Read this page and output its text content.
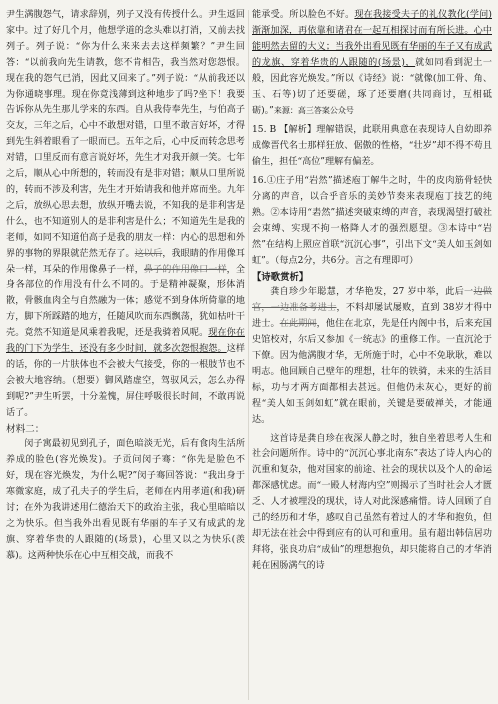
尹生满腹怨气，请求辞别，列子又没有传授什么。尹生返回家中。过了好几个月，他想学道的念头难以打消，又前去找列子。列子说：“你为什么来来去去这样频繁？”尹生回答：“以前我向先生请教，您不肯相告，我当然对您怨恨。现在我的怨气已消，因此又回来了。”列子说：“从前我还以为你通晓事理。现在你竟浅薄到这种地步了吗?坐下！我要告诉你从先生那儿学来的东西。自从我侍奉先生，与伯高子交友，三年之后，心中不敢想对错，口里不敢言好坏，才得到先生斜着眼看了一眼而已。五年之后，心中反而转念思考对错，口里反而有意言说好坏，先生才对我开颜一笑。七年之后，顺从心中所想的，转而没有是非对错；顺从口里所说的，转而不涉及利害，先生才开始请我和他并席而坐。九年之后，放纵心思去想，放纵开嘴去说，不知我的是非利害是什么，也不知道别人的是非利害是什么；不知道先生是我的老师，如同不知道伯高子是我的朋友一样：内心的思想和外界的事物的界限就茫然无存了。这以后，我眼睛的作用像耳朵一样，耳朵的作用像鼻子一样，鼻子的作用像口一样，全身各部位的作用没有什么不同的。于是精神凝聚，形体消散，骨骸血肉全与自然融为一体；感觉不到身体所倚靠的地方，脚下所踩踏的地方，任随风吹而东西飘荡，犹如枯叶干壳。竟然不知道是风乘着我呢，还是我骑着风呢。现在你在我的门下为学生，还没有多少时间，就多次怨恨抱怨。这样的话，你的一片肤体也不会被大气接受，你的一根肢节也不会被大地容纳。（想要）御风踏虚空，驾驭风云，怎么办得到呢?”尹生听罢，十分羞愧，屏住呼吸很长时间，不敢再说话了。

材料二：

闵子寓最初见到孔子，面色暗淡无光，后有食肉生活所养成的脸色(容光焕发)。子贡问闵子骞：“你先是脸色不好，现在容光焕发，为什么呢?”闵子骞回答说：“我出身于寒微家庭，成了孔夫子的学生后，老师在内用孝道(和我)研讨；在外为我讲述用仁德治天下的政治主张，我心里暗暗以之为快乐。但当我外出看见既有华丽的车子又有成武的龙旗、穿着华贵的人跟随的(场景)，心里又以之为快乐(羡慕)。这两种快乐在心中互相交战，而我不

能承受。所以脸色不好。现在我接受夫子的礼仪教化(学问)渐渐加深，再依靠和诸君在一起互相探讨而有所长进。心中能明然去留的大义；当我外出看见既有华丽的车子又有成武的龙旗、穿着华贵的人跟随的(场景)，就如同看到泥土一般，因此容光焕发。”所以《诗经》说：“就像(加工骨、角、玉、石等)切了还要磋，琢了还要磨(共同商讨，互相砥砺)。”来源：高三答案公众号

15. B 【解析】理解错误，此联用典意在表现诗人自幼即养成像晋代名士那样狂放、倨傲的性格，“壮岁”却不得不苟且偷生，担任“高位”理解有偏差。

16.①庄子用“岩然”描述庖丁解牛之时，牛的皮肉筋骨轻快分离的声音，以合乎音乐的美妙节奏来表现庖丁技艺的纯熟。②本诗用“砉然”描述突破束缚的声音，表现渴望打破社会束缚、实现不拘一格降人才的强烈愿望。③本诗中“岩然”在结构上照应首联“沉沉心事”，引出下文“美人如玉剑如虹”。（每点2分，共6分。言之有理即可）

【诗歌赏析】

龚自珍少年聪慧，才华艳发，27 岁中举，此后一边做官，一边准备考进士，不料却屡试屡败，直到 38岁才得中进士。在此期间，他住在北京，先是任内阁中书，后来充国史馆校对，尔后又参加《一统志》的重修工作。一直沉沦于下僚。因为他满腹才华，无所施于时，心中不免耿耿，难以明志。他回顾自己壁年的理想，壮年的铁骑，未来的生活目标，功与才两方面都相去甚远。但他仍未灰心，更好的前程“美人如玉剑如虹”就在眼前，关键是要破禅关，才能通达。

这首诗是龚自珍在夜深人静之时，独自坐着思考人生和社会问题所作。诗中的“沉沉心事北南东”表达了诗人内心的沉重和复杂，他对国家的前途、社会的现状以及个人的命运都深感忧虑。而“一殿人材海内空”则揭示了当时社会人才匮乏、人才被埋没的现状，诗人对此深感痛惜。诗人回顾了自己的经历和才华，感叹自己虽然有着过人的才华和抱负，但却无法在社会中得到应有的认可和重用。虽有超出韩信居功拜将，张良功启“成仙”的理想抱负，却只能将自己的才华消耗在困肠满气的诗
